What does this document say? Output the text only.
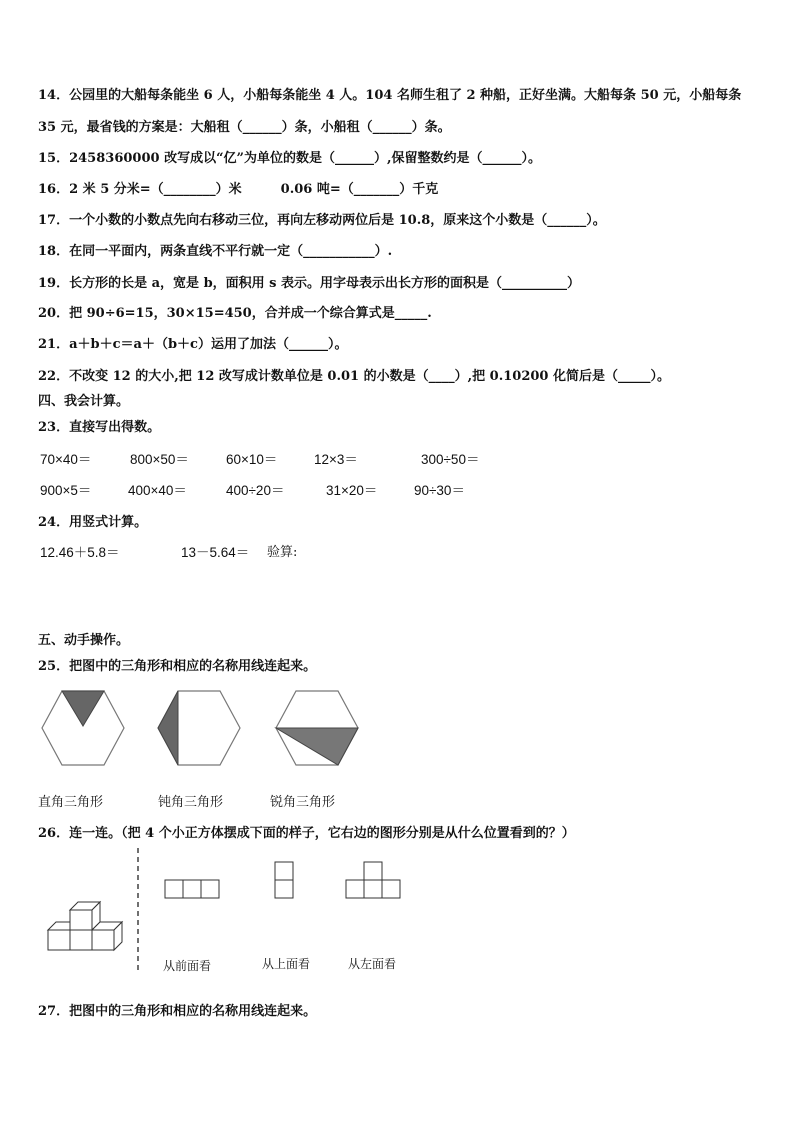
14．公园里的大船每条能坐 6 人，小船每条能坐 4 人。104 名师生租了 2 种船，正好坐满。大船每条 50 元，小船每条
35 元，最省钱的方案是：大船租（______）条，小船租（______）条。
15．2458360000 改写成以“亿”为单位的数是（______）,保留整数约是（______）。
16．2 米 5 分米=（________）米　　　0.06 吨=（_______）千克
17．一个小数的小数点先向右移动三位，再向左移动两位后是 10.8，原来这个小数是（______）。
18．在同一平面内，两条直线不平行就一定（___________）.
19．长方形的长是 a，宽是 b，面积用 s 表示。用字母表示出长方形的面积是（__________）
20．把 90÷6=15，30×15=450，合并成一个综合算式是_____.
21．a＋b＋c＝a＋（b＋c）运用了加法（______）。
22．不改变 12 的大小,把 12 改写成计数单位是 0.01 的小数是（____）,把 0.10200 化简后是（_____）。
四、我会计算。
23．直接写出得数。
70×40＝	800×50＝	60×10＝	12×3＝	300÷50＝
900×5＝	400×40＝	400÷20＝	31×20＝	90÷30＝
24．用竖式计算。
12.46＋5.8＝	13－5.64＝ 验算:
五、动手操作。
25．把图中的三角形和相应的名称用线连起来。
直角三角形	钝角三角形	锐角三角形
26．连一连。（把 4 个小正方体摆成下面的样子，它右边的图形分别是从什么位置看到的？）
从前面看	从上面看	从左面看
27．把图中的三角形和相应的名称用线连起来。
